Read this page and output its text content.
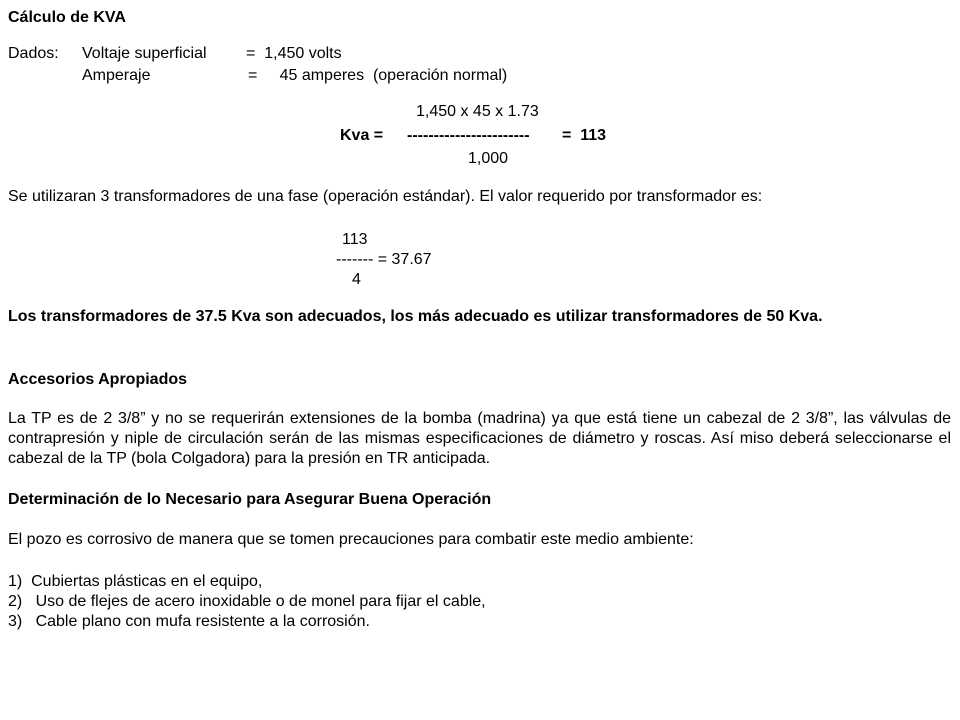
Cálculo de KVA
Dados: Voltaje superficial =  1,450 volts
Amperaje	=     45 amperes  (operación normal)
1,450 x 45 x 1.73
Kva = ----------------------- =  113
1,000
Se utilizaran 3 transformadores de una fase (operación estándar). El valor requerido por transformador es:
113
------- = 37.67
4
Los transformadores de 37.5 Kva son adecuados, los más adecuado es utilizar transformadores de 50 Kva.
Accesorios Apropiados
La TP es de 2 3/8” y no se requerirán extensiones de la bomba (madrina) ya que está tiene un cabezal de 2 3/8”, las válvulas de contrapresión y niple de circulación serán de las mismas especificaciones de diámetro y roscas. Así miso deberá seleccionarse el cabezal de la TP (bola Colgadora) para la presión en TR anticipada.
Determinación de lo Necesario para Asegurar Buena Operación
El pozo es corrosivo de manera que se tomen precauciones para combatir este medio ambiente:
1)  Cubiertas plásticas en el equipo,
2)   Uso de flejes de acero inoxidable o de monel para fijar el cable,
3)   Cable plano con mufa resistente a la corrosión.
